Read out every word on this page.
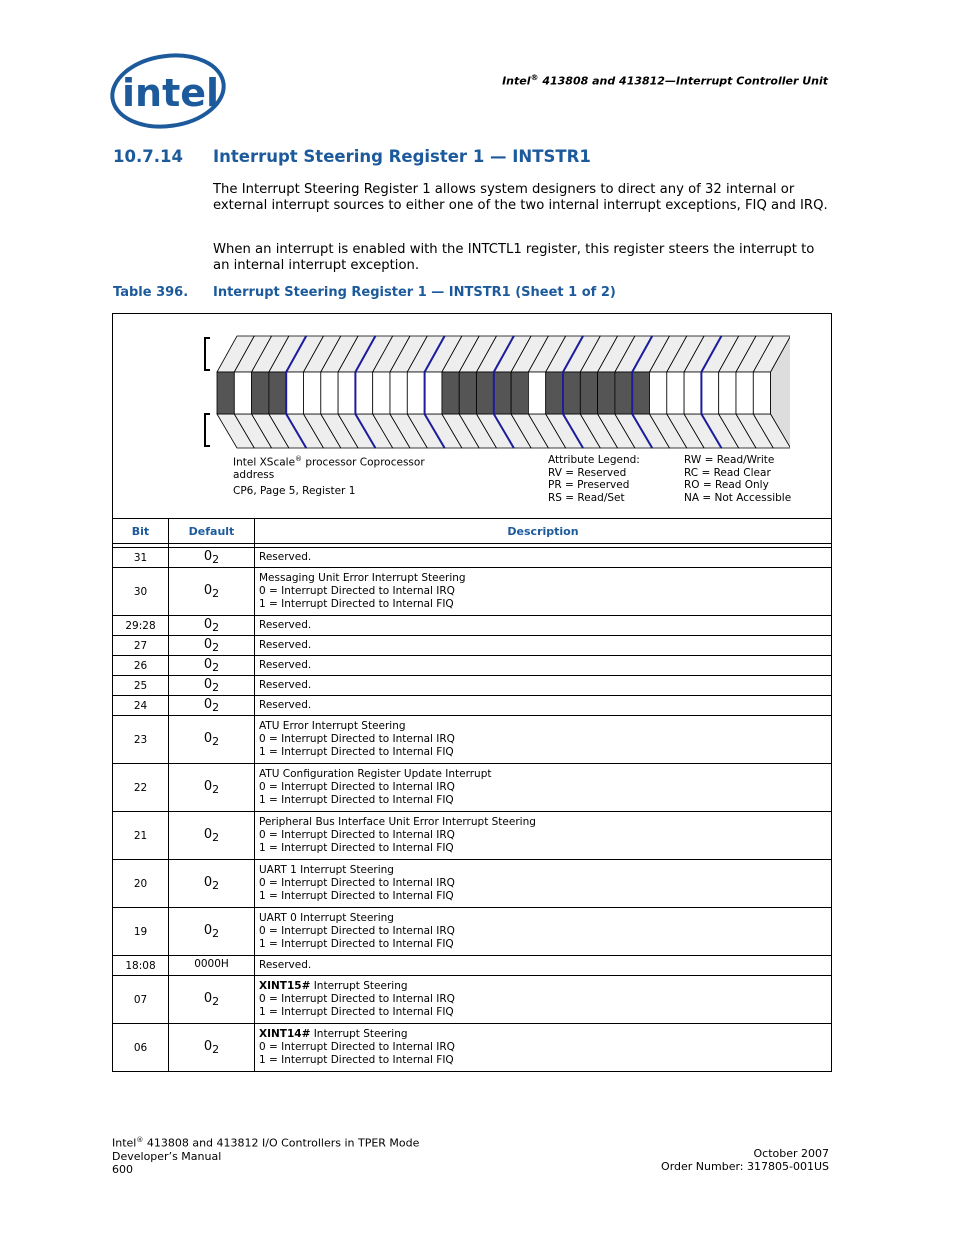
intel	Intel® 413808 and 413812—Interrupt Controller Unit
10.7.14 Interrupt Steering Register 1 — INTSTR1
The Interrupt Steering Register 1 allows system designers to direct any of 32 internal or external interrupt sources to either one of the two internal interrupt exceptions, FIQ and IRQ.
When an interrupt is enabled with the INTCTL1 register, this register steers the interrupt to an internal interrupt exception.
Table 396. Interrupt Steering Register 1 — INTSTR1 (Sheet 1 of 2)
Intel XScale® processor Coprocessor
address
CP6, Page 5, Register 1
Attribute Legend:
RV = Reserved
PR = Preserved
RS = Read/Set
RW = Read/Write
RC = Read Clear
RO = Read Only
NA = Not Accessible
Bit	Default	Description

31	$0_2$	Reserved.

30	$0_2$	Messaging Unit Error Interrupt Steering
0 = Interrupt Directed to Internal IRQ
1 = Interrupt Directed to Internal FIQ

29:28	$0_2$	Reserved.

27	$0_2$	Reserved.

26	$0_2$	Reserved.

25	$0_2$	Reserved.

24	$0_2$	Reserved.

23	$0_2$	ATU Error Interrupt Steering
0 = Interrupt Directed to Internal IRQ
1 = Interrupt Directed to Internal FIQ

22	$0_2$	ATU Configuration Register Update Interrupt
0 = Interrupt Directed to Internal IRQ
1 = Interrupt Directed to Internal FIQ

21	$0_2$	Peripheral Bus Interface Unit Error Interrupt Steering
0 = Interrupt Directed to Internal IRQ
1 = Interrupt Directed to Internal FIQ

20	$0_2$	UART 1 Interrupt Steering
0 = Interrupt Directed to Internal IRQ
1 = Interrupt Directed to Internal FIQ

19	$0_2$	UART 0 Interrupt Steering
0 = Interrupt Directed to Internal IRQ
1 = Interrupt Directed to Internal FIQ

18:08	0000H	Reserved.

07	$0_2$	XINT15# Interrupt Steering
0 = Interrupt Directed to Internal IRQ
1 = Interrupt Directed to Internal FIQ

06	$0_2$	XINT14# Interrupt Steering
0 = Interrupt Directed to Internal IRQ
1 = Interrupt Directed to Internal FIQ
Intel® 413808 and 413812 I/O Controllers in TPER Mode
Developer’s Manual
600
October 2007
Order Number: 317805-001US
